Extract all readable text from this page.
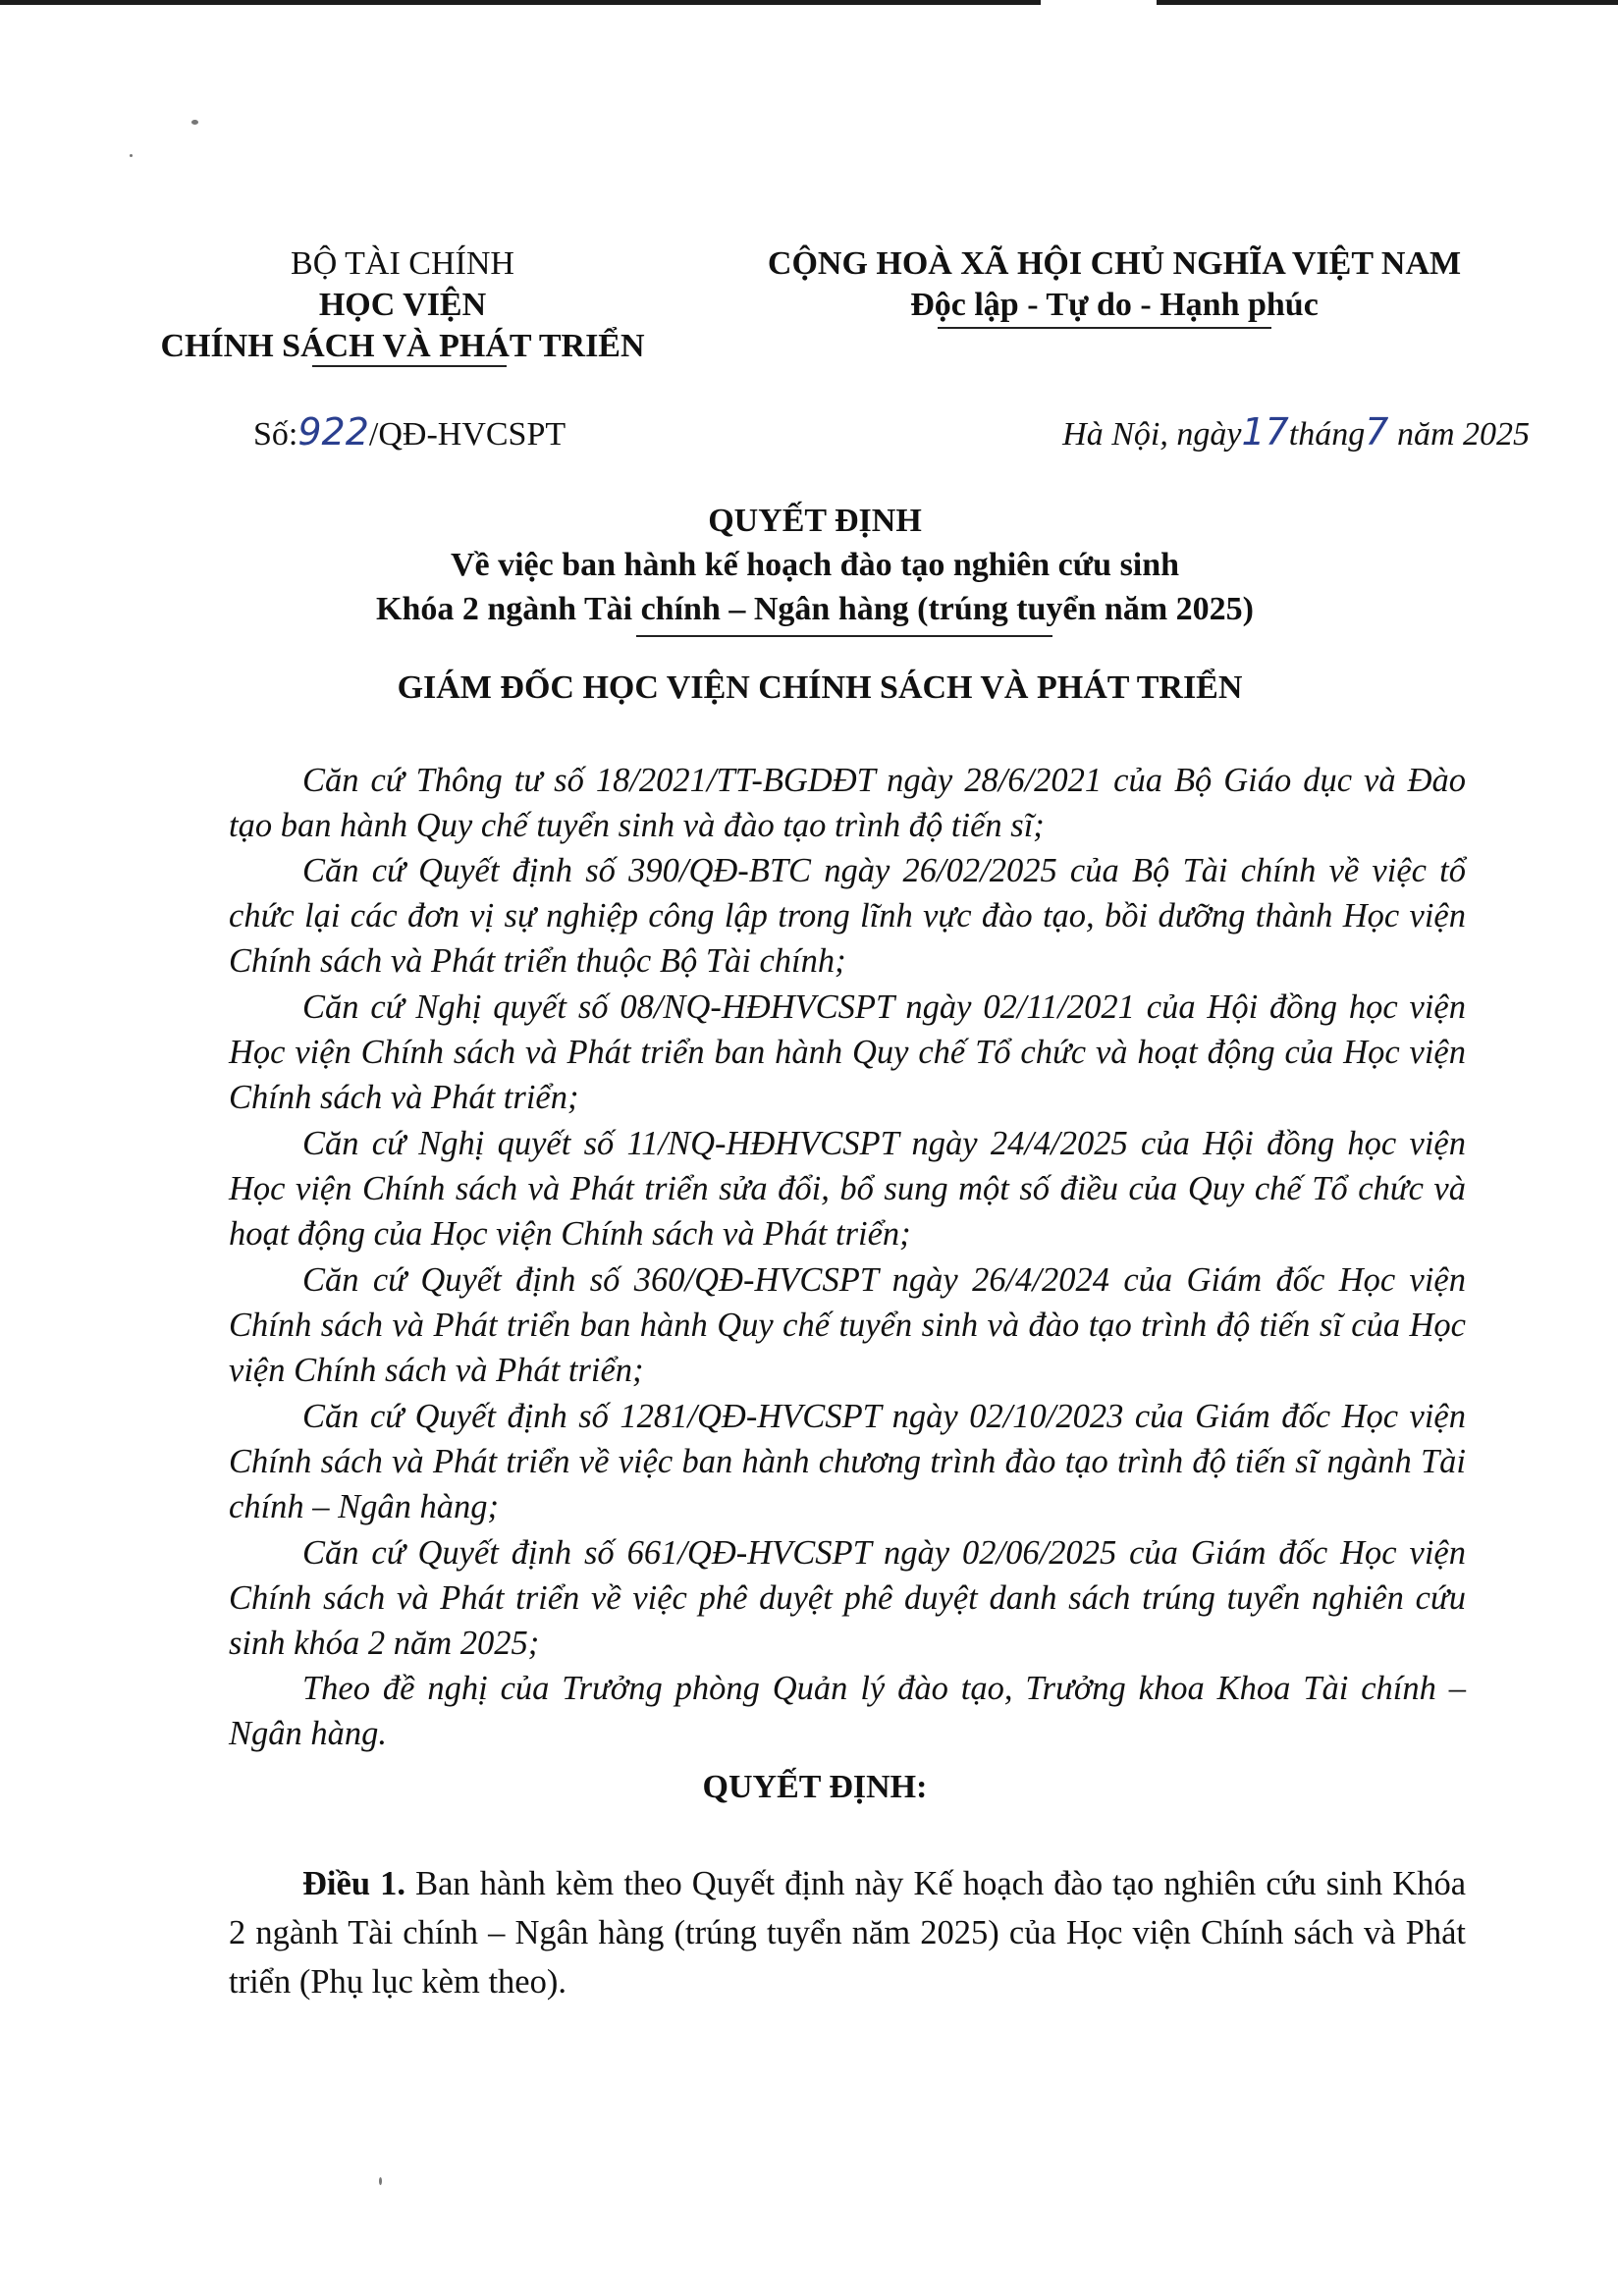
BỘ TÀI CHÍNH
HỌC VIỆN
CHÍNH SÁCH VÀ PHÁT TRIỂN
CỘNG HOÀ XÃ HỘI CHỦ NGHĨA VIỆT NAM
Độc lập - Tự do - Hạnh phúc
Số:922/QĐ-HVCSPT	Hà Nội, ngày17tháng7 năm 2025
QUYẾT ĐỊNH
Về việc ban hành kế hoạch đào tạo nghiên cứu sinh
Khóa 2 ngành Tài chính – Ngân hàng (trúng tuyển năm 2025)
GIÁM ĐỐC HỌC VIỆN CHÍNH SÁCH VÀ PHÁT TRIỂN

Căn cứ Thông tư số 18/2021/TT-BGDĐT ngày 28/6/2021 của Bộ Giáo dục và Đào tạo ban hành Quy chế tuyển sinh và đào tạo trình độ tiến sĩ;

Căn cứ Quyết định số 390/QĐ-BTC ngày 26/02/2025 của Bộ Tài chính về việc tổ chức lại các đơn vị sự nghiệp công lập trong lĩnh vực đào tạo, bồi dưỡng thành Học viện Chính sách và Phát triển thuộc Bộ Tài chính;

Căn cứ Nghị quyết số 08/NQ-HĐHVCSPT ngày 02/11/2021 của Hội đồng học viện Học viện Chính sách và Phát triển ban hành Quy chế Tổ chức và hoạt động của Học viện Chính sách và Phát triển;

Căn cứ Nghị quyết số 11/NQ-HĐHVCSPT ngày 24/4/2025 của Hội đồng học viện Học viện Chính sách và Phát triển sửa đổi, bổ sung một số điều của Quy chế Tổ chức và hoạt động của Học viện Chính sách và Phát triển;

Căn cứ Quyết định số 360/QĐ-HVCSPT ngày 26/4/2024 của Giám đốc Học viện Chính sách và Phát triển ban hành Quy chế tuyển sinh và đào tạo trình độ tiến sĩ của Học viện Chính sách và Phát triển;

Căn cứ Quyết định số 1281/QĐ-HVCSPT ngày 02/10/2023 của Giám đốc Học viện Chính sách và Phát triển về việc ban hành chương trình đào tạo trình độ tiến sĩ ngành Tài chính – Ngân hàng;

Căn cứ Quyết định số 661/QĐ-HVCSPT ngày 02/06/2025 của Giám đốc Học viện Chính sách và Phát triển về việc phê duyệt phê duyệt danh sách trúng tuyển nghiên cứu sinh khóa 2 năm 2025;

Theo đề nghị của Trưởng phòng Quản lý đào tạo, Trưởng khoa Khoa Tài chính – Ngân hàng.

QUYẾT ĐỊNH:

Điều 1. Ban hành kèm theo Quyết định này Kế hoạch đào tạo nghiên cứu sinh Khóa 2 ngành Tài chính – Ngân hàng (trúng tuyển năm 2025) của Học viện Chính sách và Phát triển (Phụ lục kèm theo).
